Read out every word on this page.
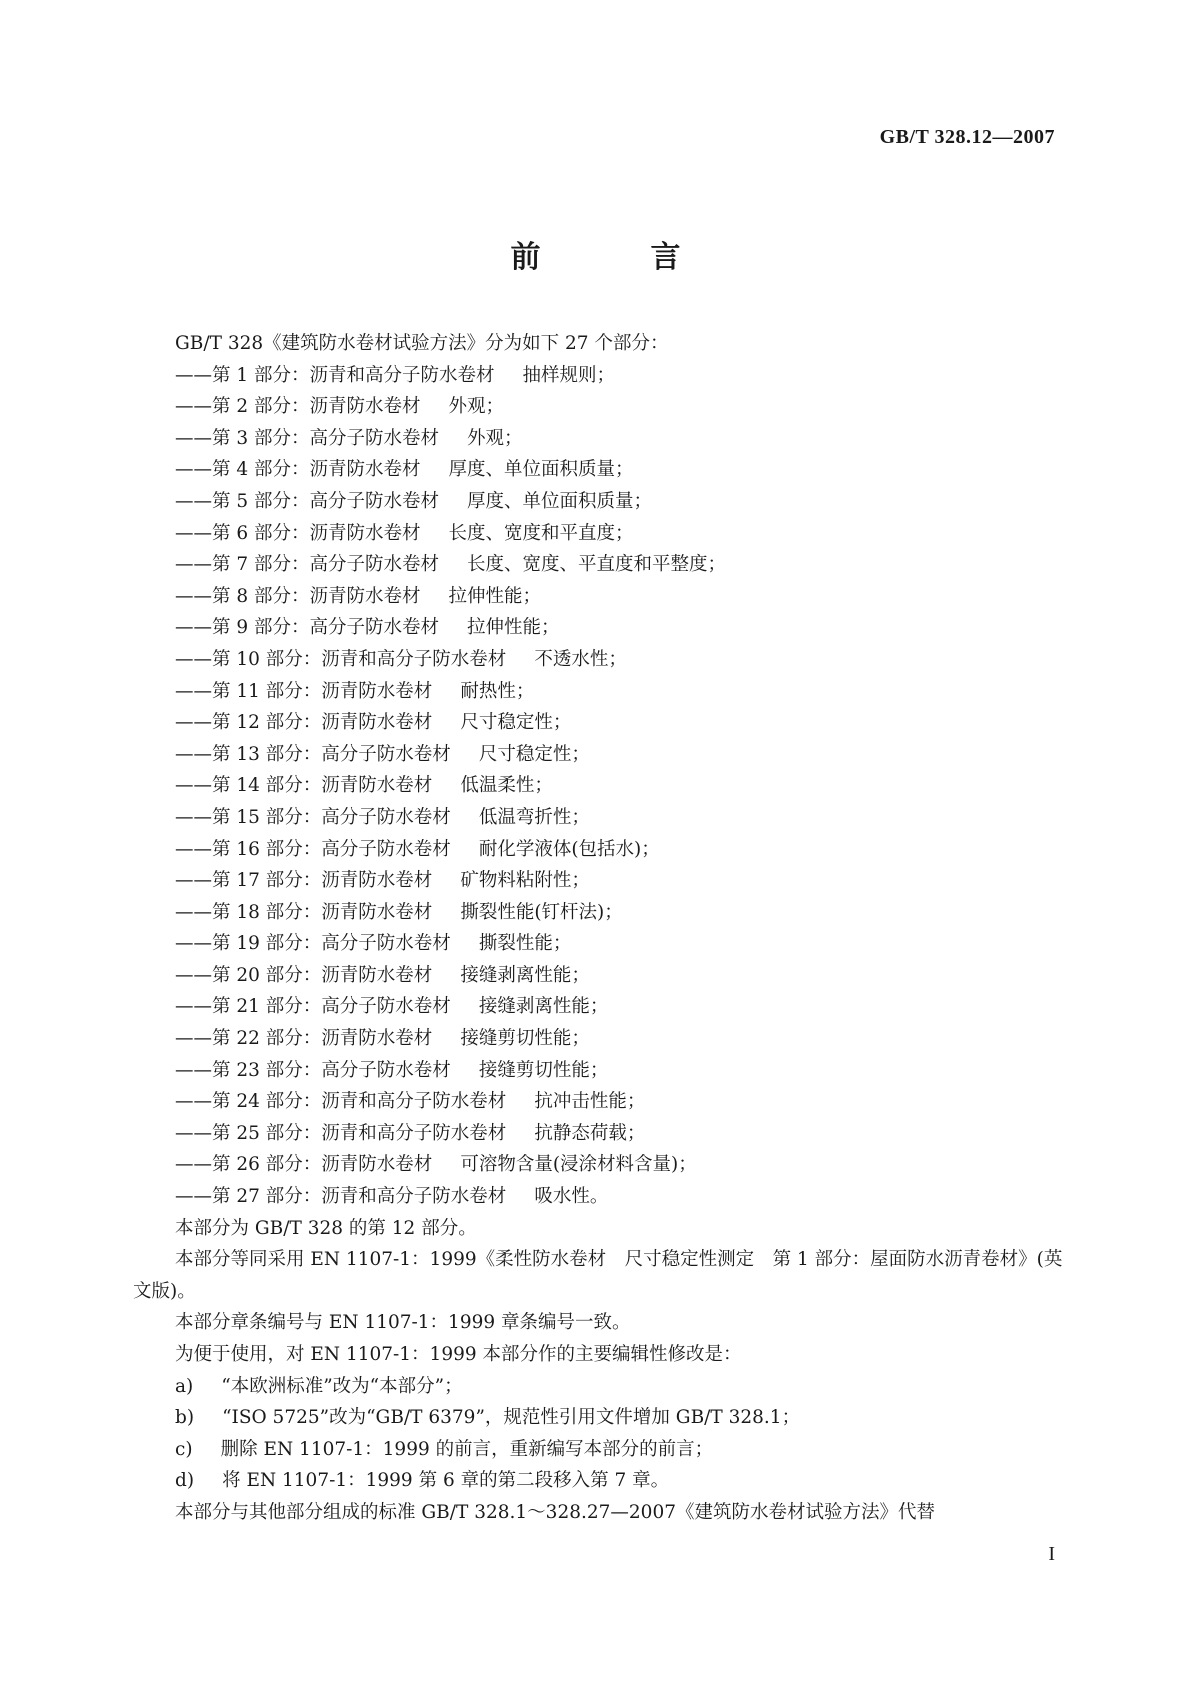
GB/T 328.12—2007
前　言
GB/T 328《建筑防水卷材试验方法》分为如下 27 个部分：
——第 1 部分：沥青和高分子防水卷材 抽样规则；
——第 2 部分：沥青防水卷材 外观；
——第 3 部分：高分子防水卷材 外观；
——第 4 部分：沥青防水卷材 厚度、单位面积质量；
——第 5 部分：高分子防水卷材 厚度、单位面积质量；
——第 6 部分：沥青防水卷材 长度、宽度和平直度；
——第 7 部分：高分子防水卷材 长度、宽度、平直度和平整度；
——第 8 部分：沥青防水卷材 拉伸性能；
——第 9 部分：高分子防水卷材 拉伸性能；
——第 10 部分：沥青和高分子防水卷材 不透水性；
——第 11 部分：沥青防水卷材 耐热性；
——第 12 部分：沥青防水卷材 尺寸稳定性；
——第 13 部分：高分子防水卷材 尺寸稳定性；
——第 14 部分：沥青防水卷材 低温柔性；
——第 15 部分：高分子防水卷材 低温弯折性；
——第 16 部分：高分子防水卷材 耐化学液体(包括水)；
——第 17 部分：沥青防水卷材 矿物料粘附性；
——第 18 部分：沥青防水卷材 撕裂性能(钉杆法)；
——第 19 部分：高分子防水卷材 撕裂性能；
——第 20 部分：沥青防水卷材 接缝剥离性能；
——第 21 部分：高分子防水卷材 接缝剥离性能；
——第 22 部分：沥青防水卷材 接缝剪切性能；
——第 23 部分：高分子防水卷材 接缝剪切性能；
——第 24 部分：沥青和高分子防水卷材 抗冲击性能；
——第 25 部分：沥青和高分子防水卷材 抗静态荷载；
——第 26 部分：沥青防水卷材 可溶物含量(浸涂材料含量)；
——第 27 部分：沥青和高分子防水卷材 吸水性。
本部分为 GB/T 328 的第 12 部分。
本部分等同采用 EN 1107-1：1999《柔性防水卷材　尺寸稳定性测定　第 1 部分：屋面防水沥青卷材》(英文版)。
本部分章条编号与 EN 1107-1：1999 章条编号一致。
为便于使用，对 EN 1107-1：1999 本部分作的主要编辑性修改是：
a) “本欧洲标准”改为“本部分”；
b) “ISO 5725”改为“GB/T 6379”，规范性引用文件增加 GB/T 328.1；
c) 删除 EN 1107-1：1999 的前言，重新编写本部分的前言；
d) 将 EN 1107-1：1999 第 6 章的第二段移入第 7 章。
本部分与其他部分组成的标准 GB/T 328.1～328.27—2007《建筑防水卷材试验方法》代替
I
